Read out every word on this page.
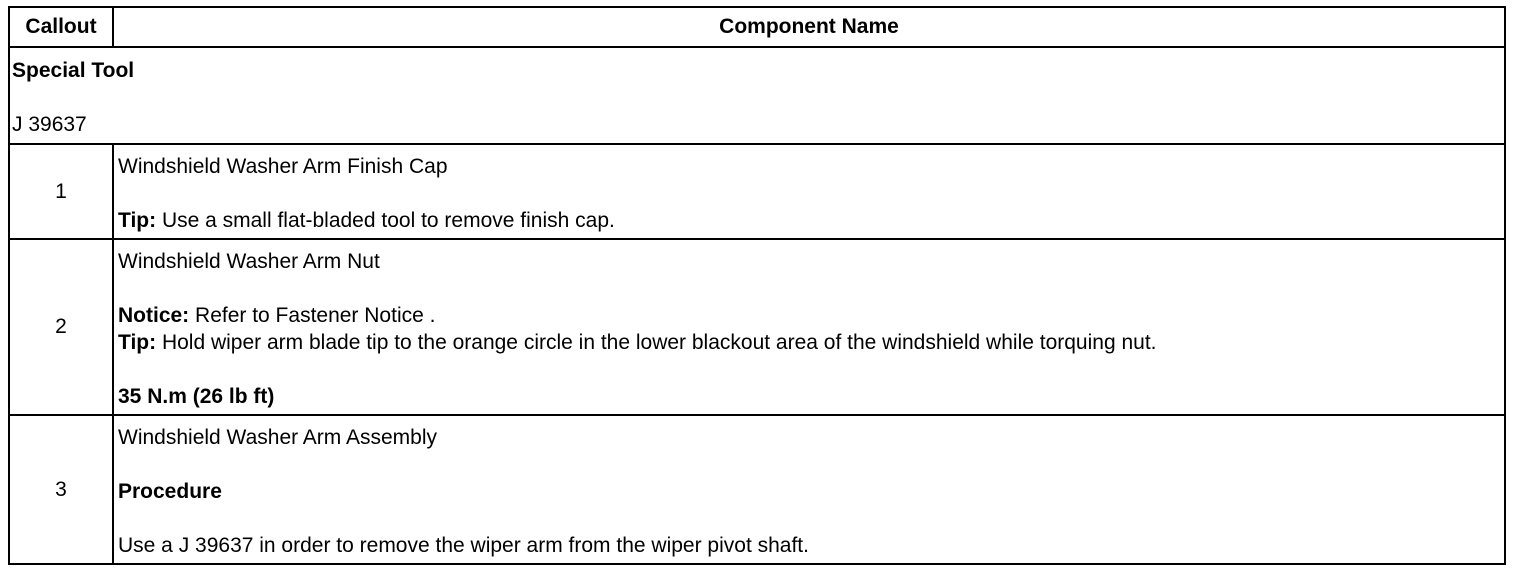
Callout	Component Name

Special Tool
J 39637	

1	Windshield Washer Arm Finish Cap
Tip: Use a small flat-bladed tool to remove finish cap.

2	Windshield Washer Arm Nut
Notice: Refer to Fastener Notice .
Tip: Hold wiper arm blade tip to the orange circle in the lower blackout area of the windshield while torquing nut.
35 N.m (26 lb ft)

3	Windshield Washer Arm Assembly
Procedure
Use a J 39637 in order to remove the wiper arm from the wiper pivot shaft.
